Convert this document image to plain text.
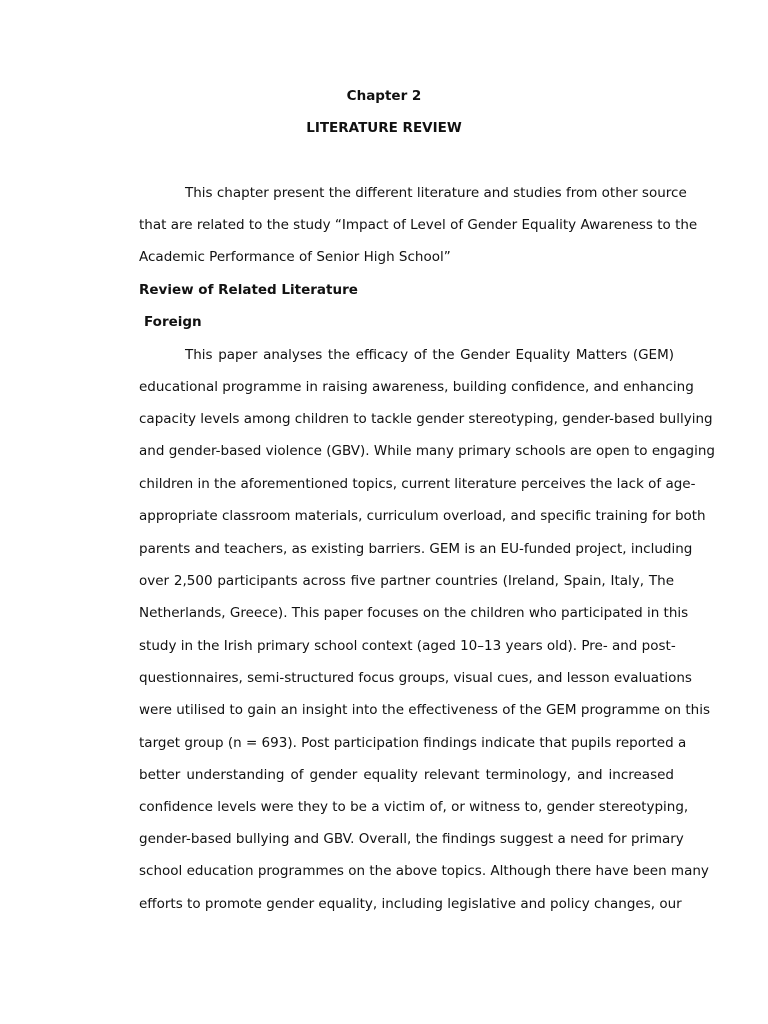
Chapter 2
LITERATURE REVIEW
This chapter present the different literature and studies from other source
that are related to the study “Impact of Level of Gender Equality Awareness to the
Academic Performance of Senior High School”
Review of Related Literature
Foreign
This paper analyses the efficacy of the Gender Equality Matters (GEM)
educational programme in raising awareness, building confidence, and enhancing
capacity levels among children to tackle gender stereotyping, gender-based bullying
and gender-based violence (GBV). While many primary schools are open to engaging
children in the aforementioned topics, current literature perceives the lack of age-
appropriate classroom materials, curriculum overload, and specific training for both
parents and teachers, as existing barriers. GEM is an EU-funded project, including
over 2,500 participants across five partner countries (Ireland, Spain, Italy, The
Netherlands, Greece). This paper focuses on the children who participated in this
study in the Irish primary school context (aged 10–13 years old). Pre- and post-
questionnaires, semi-structured focus groups, visual cues, and lesson evaluations
were utilised to gain an insight into the effectiveness of the GEM programme on this
target group (n = 693). Post participation findings indicate that pupils reported a
better understanding of gender equality relevant terminology, and increased
confidence levels were they to be a victim of, or witness to, gender stereotyping,
gender-based bullying and GBV. Overall, the findings suggest a need for primary
school education programmes on the above topics. Although there have been many
efforts to promote gender equality, including legislative and policy changes, our
